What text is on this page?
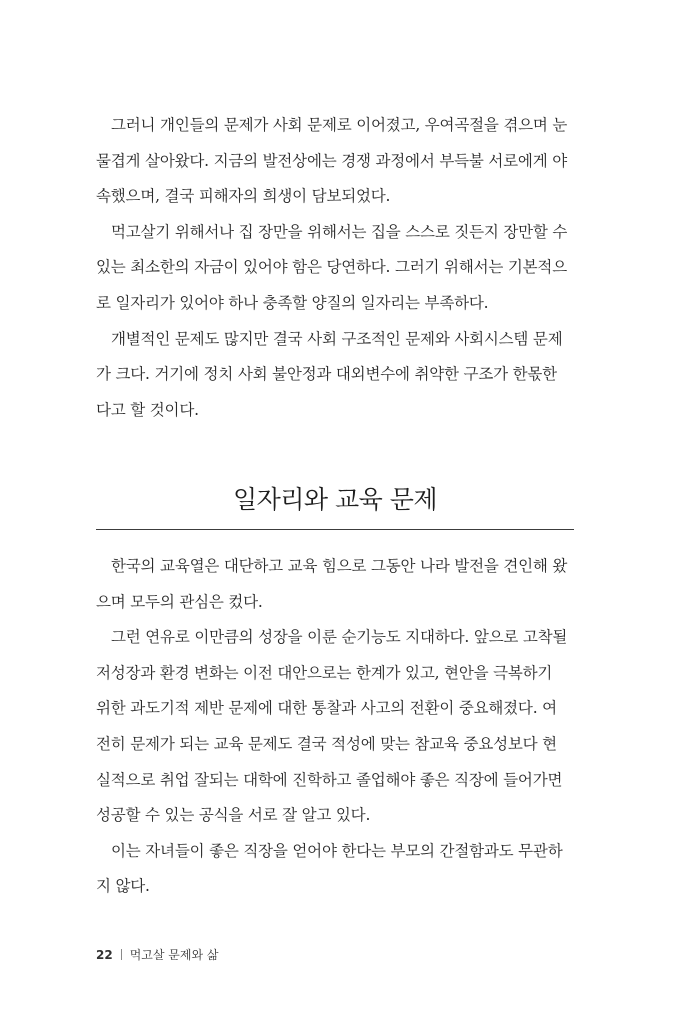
그러니 개인들의 문제가 사회 문제로 이어졌고, 우여곡절을 겪으며 눈
물겹게 살아왔다. 지금의 발전상에는 경쟁 과정에서 부득불 서로에게 야
속했으며, 결국 피해자의 희생이 담보되었다.

먹고살기 위해서나 집 장만을 위해서는 집을 스스로 짓든지 장만할 수
있는 최소한의 자금이 있어야 함은 당연하다. 그러기 위해서는 기본적으
로 일자리가 있어야 하나 충족할 양질의 일자리는 부족하다.

개별적인 문제도 많지만 결국 사회 구조적인 문제와 사회시스템 문제
가 크다. 거기에 정치 사회 불안정과 대외변수에 취약한 구조가 한몫한
다고 할 것이다.

일자리와 교육 문제

한국의 교육열은 대단하고 교육 힘으로 그동안 나라 발전을 견인해 왔
으며 모두의 관심은 컸다.

그런 연유로 이만큼의 성장을 이룬 순기능도 지대하다. 앞으로 고착될
저성장과 환경 변화는 이전 대안으로는 한계가 있고, 현안을 극복하기
위한 과도기적 제반 문제에 대한 통찰과 사고의 전환이 중요해졌다. 여
전히 문제가 되는 교육 문제도 결국 적성에 맞는 참교육 중요성보다 현
실적으로 취업 잘되는 대학에 진학하고 졸업해야 좋은 직장에 들어가면
성공할 수 있는 공식을 서로 잘 알고 있다.

이는 자녀들이 좋은 직장을 얻어야 한다는 부모의 간절함과도 무관하
지 않다.

22 먹고살 문제와 삶
